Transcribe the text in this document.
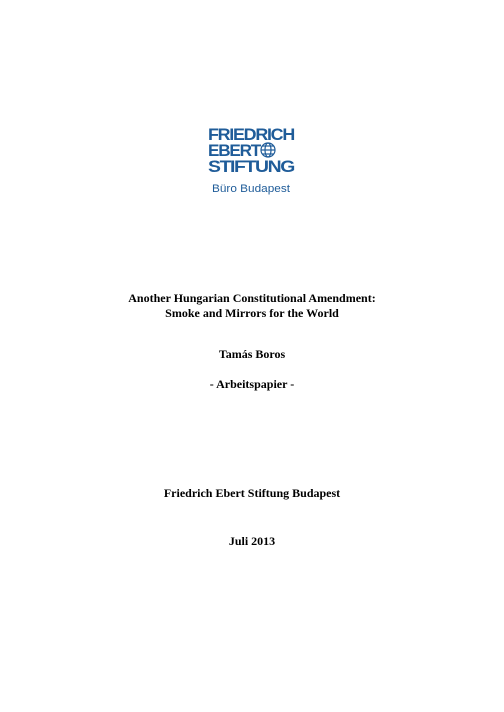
FRIEDRICH
EBERT
STIFTUNG
Büro Budapest
Another Hungarian Constitutional Amendment:
Smoke and Mirrors for the World
Tamás Boros
- Arbeitspapier -
Friedrich Ebert Stiftung Budapest
Juli 2013
